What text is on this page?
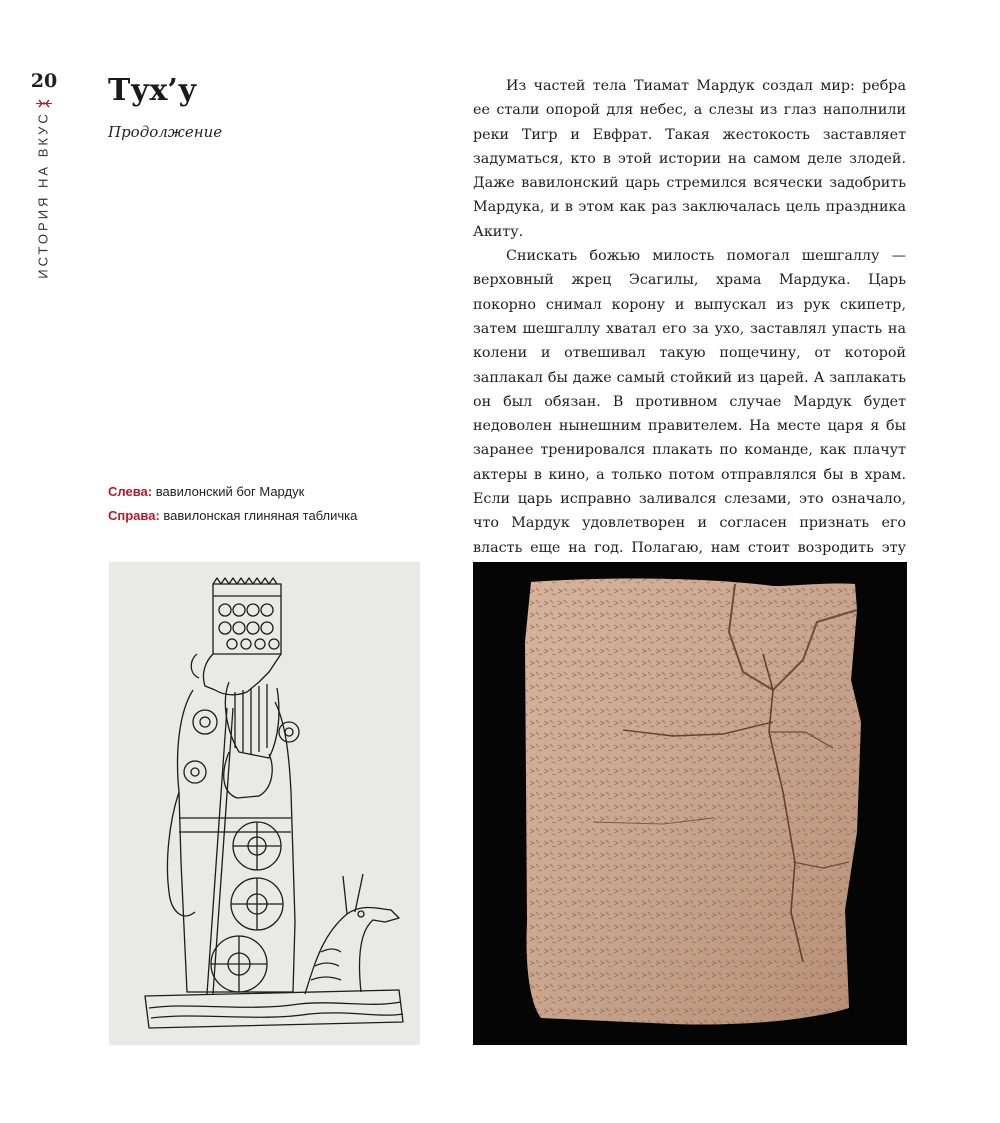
20
ИСТОРИЯ НА ВКУС
Тух’у

Продолжение

Слева: вавилонский бог Мардук

Справа: вавилонская глиняная табличка

Из частей тела Тиамат Мардук создал мир: ребра ее стали опорой для небес, а слезы из глаз наполнили реки Тигр и Евфрат. Такая жестокость заставляет задуматься, кто в этой истории на самом деле злодей. Даже вавилонский царь стремился всячески задобрить Мардука, и в этом как раз заключалась цель праздника Акиту.

Снискать божью милость помогал шешгаллу — верховный жрец Эсагилы, храма Мардука. Царь покорно снимал корону и выпускал из рук скипетр, затем шешгаллу хватал его за ухо, заставлял упасть на колени и отвешивал такую пощечину, от которой заплакал бы даже самый стойкий из царей. А заплакать он был обязан. В противном случае Мардук будет недоволен нынешним правителем. На месте царя я бы заранее тренировался плакать по команде, как плачут актеры в кино, а только потом отправлялся бы в храм. Если царь исправно заливался слезами, это означало, что Мардук удовлетворен и согласен признать его власть еще на год. Полагаю, нам стоит возродить эту
